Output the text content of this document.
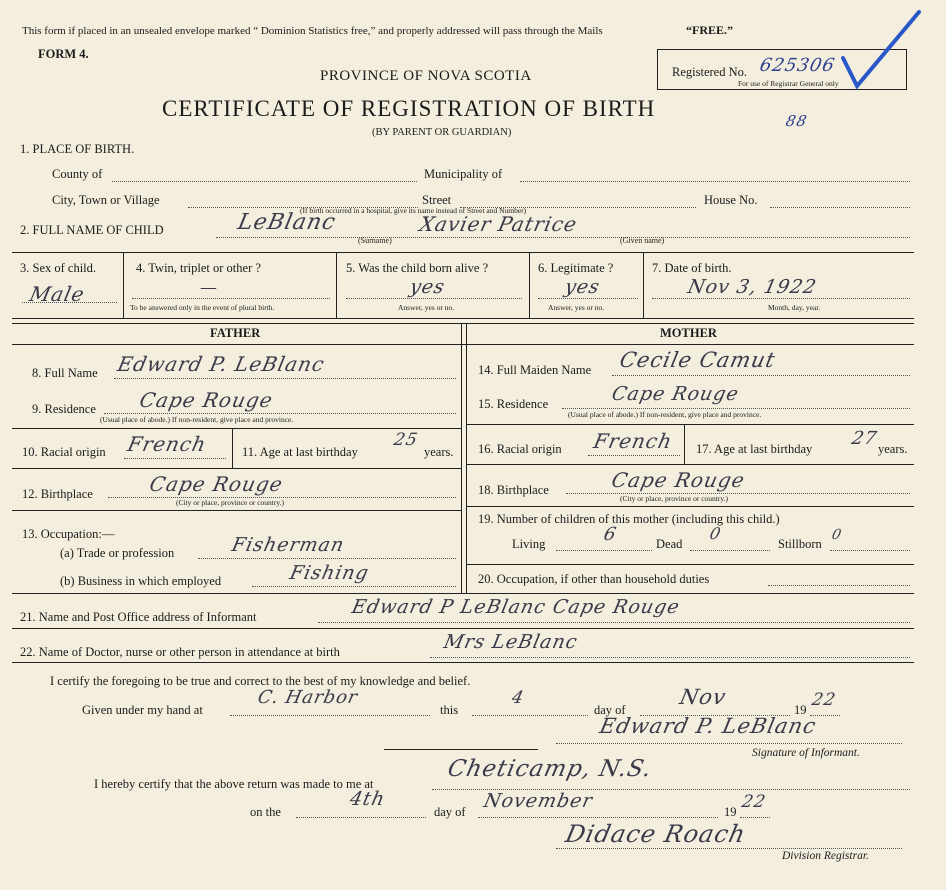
This form if placed in an unsealed envelope marked “ Dominion Statistics free,” and properly addressed will pass through the Mails	“FREE.”
FORM 4.
PROVINCE OF NOVA SCOTIA
CERTIFICATE OF REGISTRATION OF BIRTH
(BY PARENT OR GUARDIAN)
Registered No. 625306
For use of Registrar General only
88
1. PLACE OF BIRTH.
County of	Municipality of
City, Town or Village	Street	House No.
(If birth occurred in a hospital, give its name instead of Street and Number)
2. FULL NAME OF CHILD	LeBlanc	Xavier Patrice
(Surname)	(Given name)
3. Sex of child.
Male
4. Twin, triplet or other ?
—
To be answered only in the event of plural birth.
5. Was the child born alive ?
yes
Answer, yes or no.
6. Legitimate ?
yes
Answer, yes or no.
7. Date of birth.
Nov 3, 1922
Month, day, year.
FATHER	MOTHER
8. Full Name Edward P. LeBlanc
9. Residence Cape Rouge
(Usual place of abode.) If non-resident, give place and province.
10. Racial origin French	11. Age at last birthday
25
years.
12. Birthplace	Cape Rouge
(City or place, province or country.)
13. Occupation:—
(a) Trade or profession	Fisherman
(b) Business in which employed	Fishing
14. Full Maiden Name Cecile Camut
15. Residence	Cape Rouge
(Usual place of abode.) If non-resident, give place and province.
16. Racial origin French 17. Age at last birthday 27
years.
18. Birthplace	Cape Rouge
(City or place, province or country.)
19. Number of children of this mother (including this child.)
Living	6	Dead
0
Stillborn
0
20. Occupation, if other than household duties
21. Name and Post Office address of Informant	Edward P LeBlanc Cape Rouge
22. Name of Doctor, nurse or other person in attendance at birth	Mrs LeBlanc
I certify the foregoing to be true and correct to the best of my knowledge and belief.
Given under my hand at
C. Harbor
this
4
day of
Nov
19 22
Edward P. LeBlanc
Signature of Informant.
I hereby certify that the above return was made to me at
Cheticamp, N.S.
on the
4th
day of November	19 22
Didace Roach
Division Registrar.
